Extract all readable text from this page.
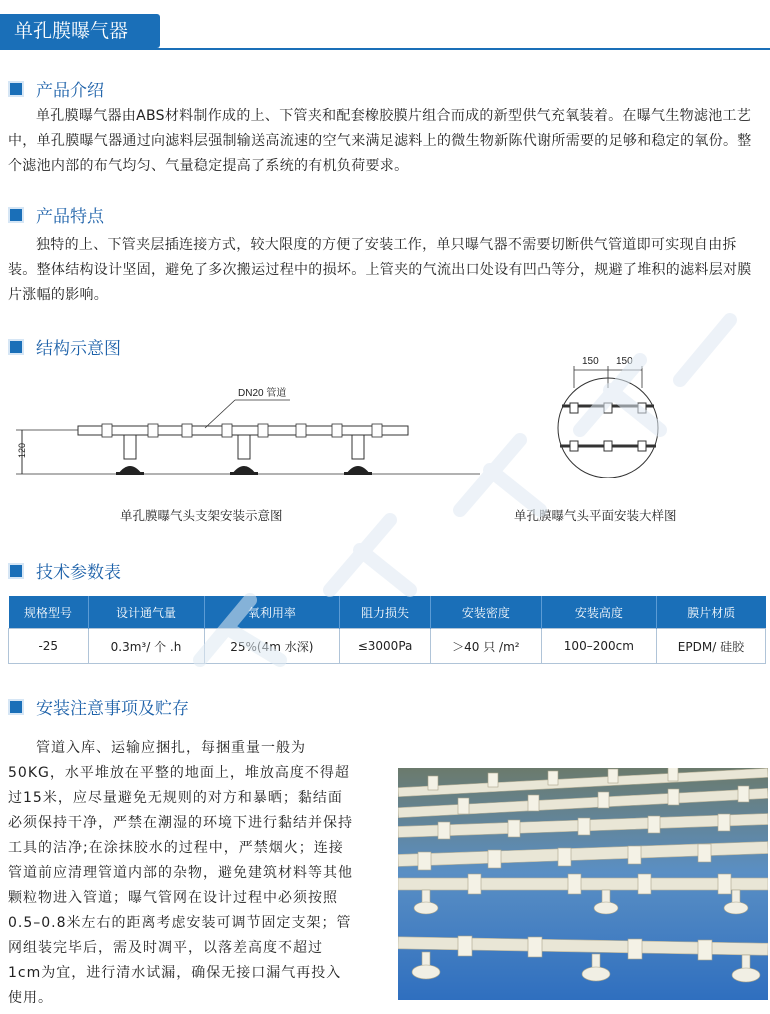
单孔膜曝气器
产品介绍
单孔膜曝气器由ABS材料制作成的上、下管夹和配套橡胶膜片组合而成的新型供气充氧装着。在曝气生物滤池工艺中，单孔膜曝气器通过向滤料层强制输送高流速的空气来满足滤料上的微生物新陈代谢所需要的足够和稳定的氧份。整个滤池内部的布气均匀、气量稳定提高了系统的有机负荷要求。
产品特点
独特的上、下管夹层插连接方式，较大限度的方便了安装工作，单只曝气器不需要切断供气管道即可实现自由拆装。整体结构设计坚固，避免了多次搬运过程中的损坏。上管夹的气流出口处设有凹凸等分，规避了堆积的滤料层对膜片涨幅的影响。
结构示意图
DN20 管道
120
单孔膜曝气头支架安装示意图
150 150
单孔膜曝气头平面安装大样图
技术参数表
规格型号	设计通气量	氧利用率	阻力损失	安装密度	安装高度	膜片材质
-25	0.3m³/ 个 .h	25%(4m 水深)	≤3000Pa	＞40 只 /m²	100–200cm	EPDM/ 硅胶
安装注意事项及贮存
管道入库、运输应捆扎，每捆重量一般为50KG，水平堆放在平整的地面上，堆放高度不得超过15米，应尽量避免无规则的对方和暴晒；黏结面必须保持干净，严禁在潮湿的环境下进行黏结并保持工具的洁净;在涂抹胶水的过程中，严禁烟火；连接管道前应清理管道内部的杂物，避免建筑材料等其他颗粒物进入管道；曝气管网在设计过程中必须按照0.5–0.8米左右的距离考虑安装可调节固定支架；管网组装完毕后，需及时凋平，以落差高度不超过1cm为宜，进行清水试漏，确保无接口漏气再投入使用。
